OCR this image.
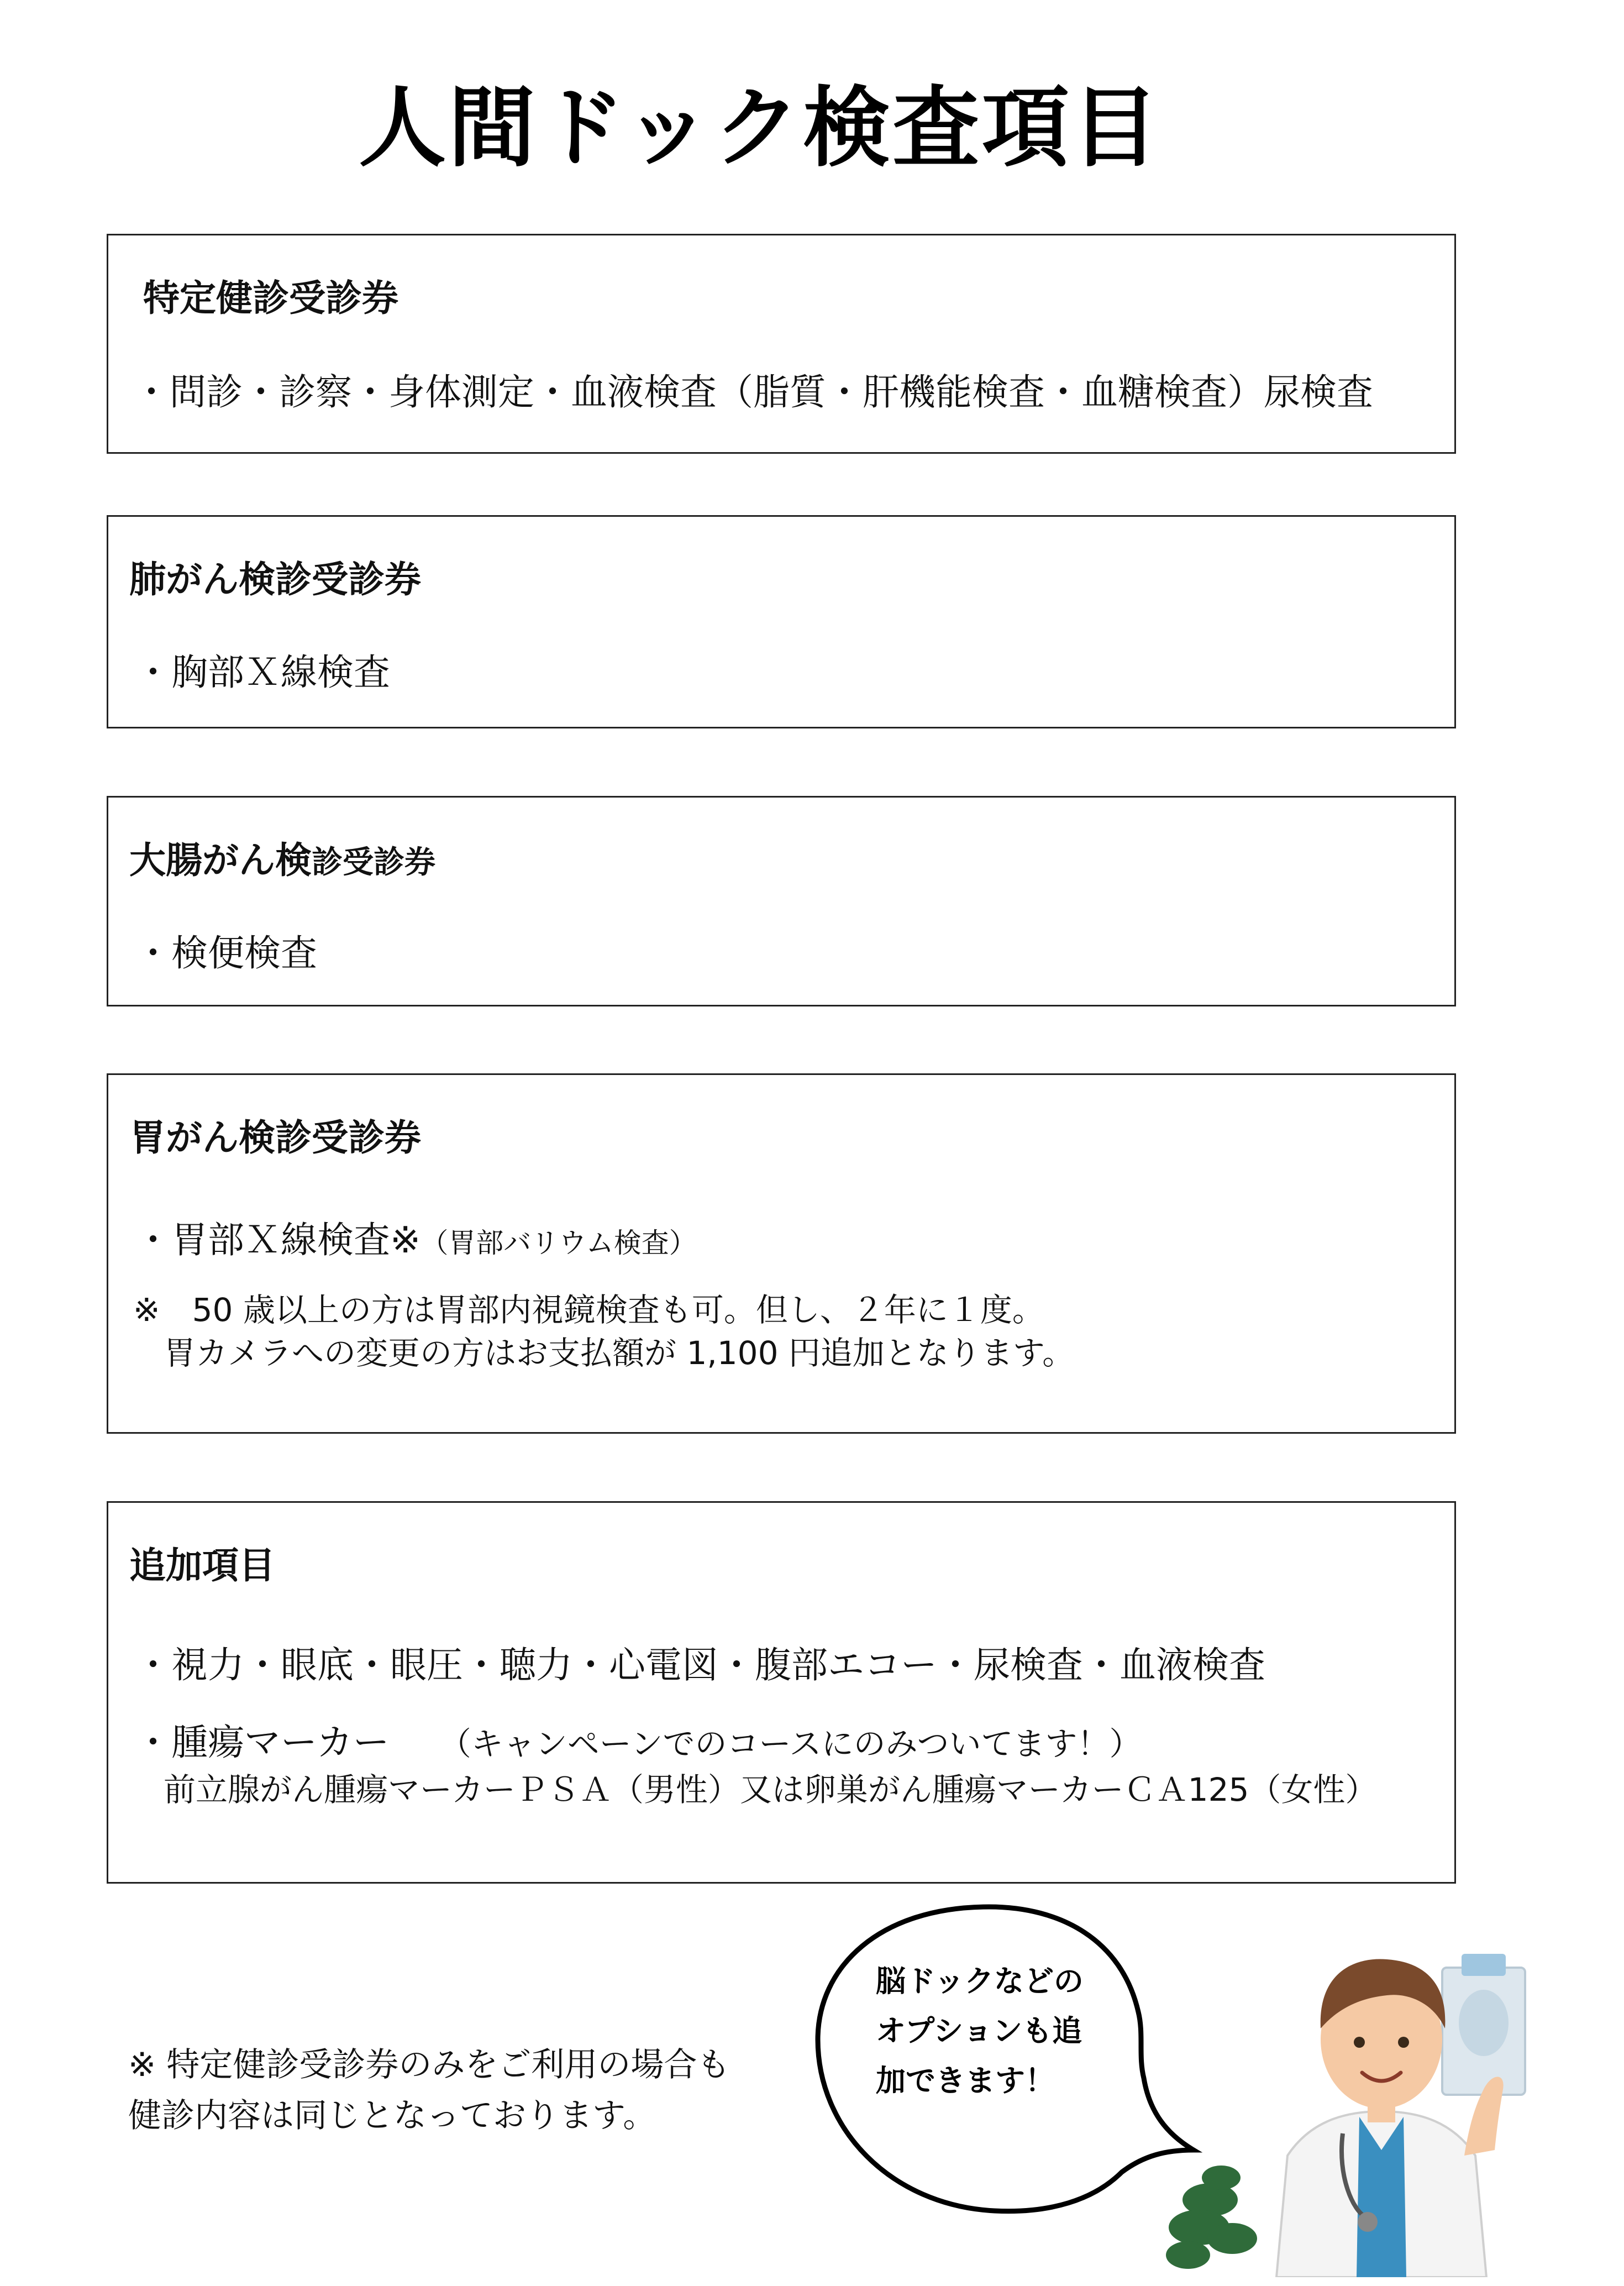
人間ドック検査項目
特定健診受診券
・問診・診察・身体測定・血液検査（脂質・肝機能検査・血糖検査）尿検査
肺がん検診受診券
・胸部Ｘ線検査
大腸がん検診受診券
・検便検査
胃がん検診受診券
・胃部Ｘ線検査※（胃部バリウム検査）
※　50 歳以上の方は胃部内視鏡検査も可。但し、２年に１度。
胃カメラへの変更の方はお支払額が 1,100 円追加となります。
追加項目
・視力・眼底・眼圧・聴力・心電図・腹部エコー・尿検査・血液検査
・腫瘍マーカー （キャンペーンでのコースにのみついてます！）
前立腺がん腫瘍マーカーＰＳＡ（男性）又は卵巣がん腫瘍マーカーＣＡ125（女性）
※ 特定健診受診券のみをご利用の場合も
健診内容は同じとなっております。
脳ドックなどの
オプションも追
加できます！
